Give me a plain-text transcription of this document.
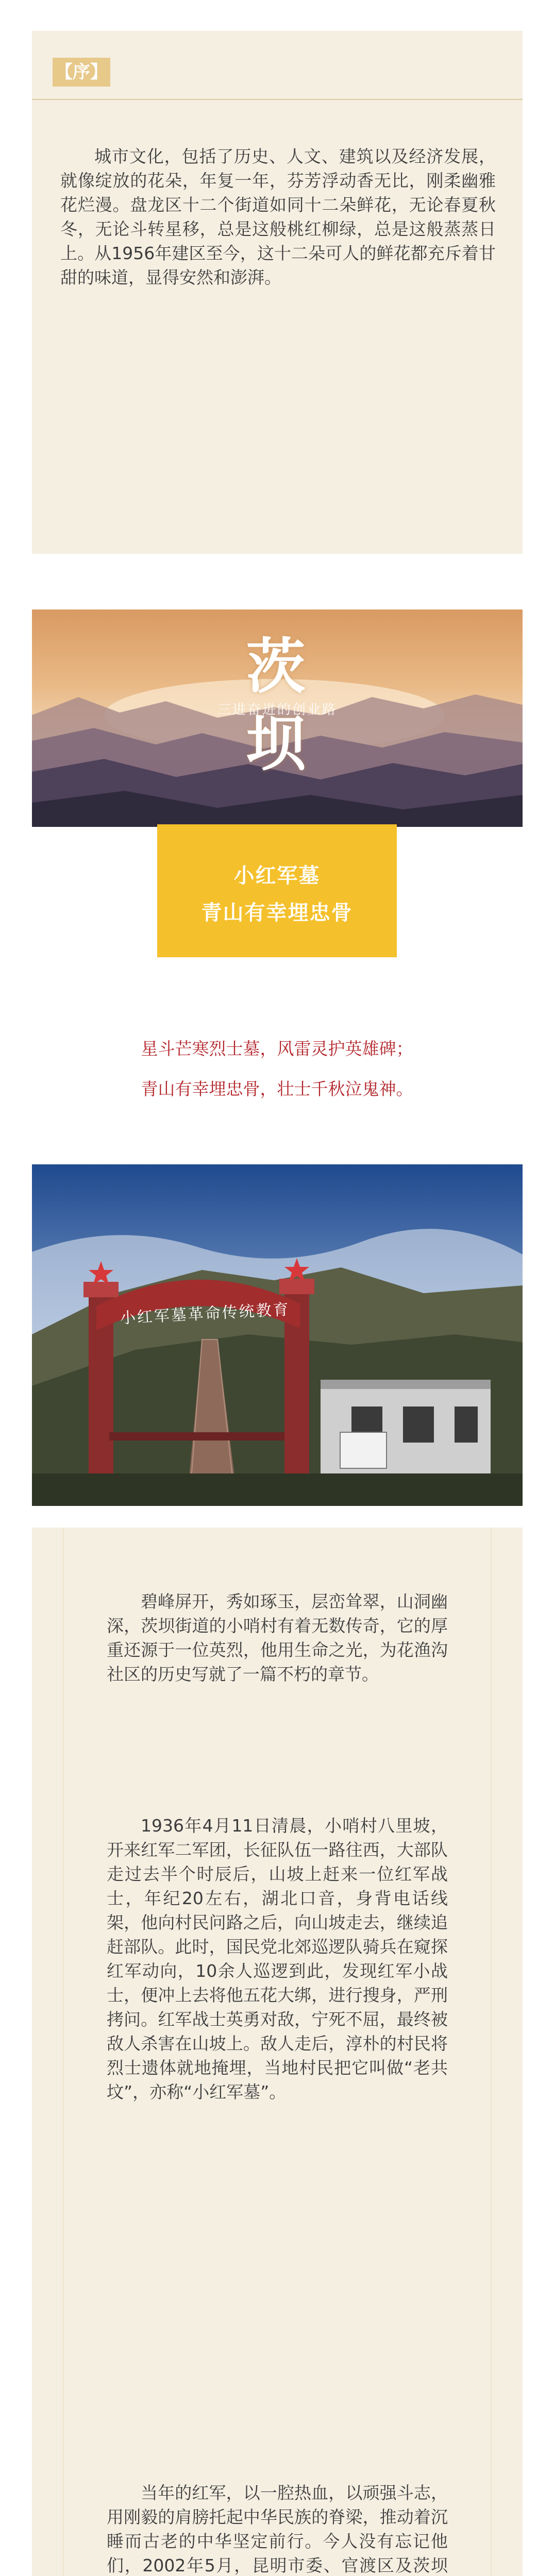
【序】

城市文化，包括了历史、人文、建筑以及经济发展，就像绽放的花朵，年复一年，芬芳浮动香无比，刚柔幽雅花烂漫。盘龙区十二个街道如同十二朵鲜花，无论春夏秋冬，无论斗转星移，总是这般桃红柳绿，总是这般蒸蒸日上。从1956年建区至今，这十二朵可人的鲜花都充斥着甘甜的味道，显得安然和澎湃。

茨坝
三进奋进的创业路
小红军墓
青山有幸埋忠骨
星斗芒寒烈士墓，风雷灵护英雄碑；
青山有幸埋忠骨，壮士千秋泣鬼神。
小红军墓革命传统教育

碧峰屏开，秀如琢玉，层峦耸翠，山洞幽深，茨坝街道的小哨村有着无数传奇，它的厚重还源于一位英烈，他用生命之光，为花渔沟社区的历史写就了一篇不朽的章节。

1936年4月11日清晨，小哨村八里坡，开来红军二军团，长征队伍一路往西，大部队走过去半个时辰后，山坡上赶来一位红军战士，年纪20左右，湖北口音，身背电话线架，他向村民问路之后，向山坡走去，继续追赶部队。此时，国民党北郊巡逻队骑兵在窥探红军动向，10余人巡逻到此，发现红军小战士，便冲上去将他五花大绑，进行搜身，严刑拷问。红军战士英勇对敌，宁死不屈，最终被敌人杀害在山坡上。敌人走后，淳朴的村民将烈士遗体就地掩埋，当地村民把它叫做“老共坟”，亦称“小红军墓”。

当年的红军，以一腔热血，以顽强斗志，用刚毅的肩膀托起中华民族的脊梁，推动着沉睡而古老的中华坚定前行。今人没有忘记他们，2002年5月，昆明市委、官渡区及茨坝
